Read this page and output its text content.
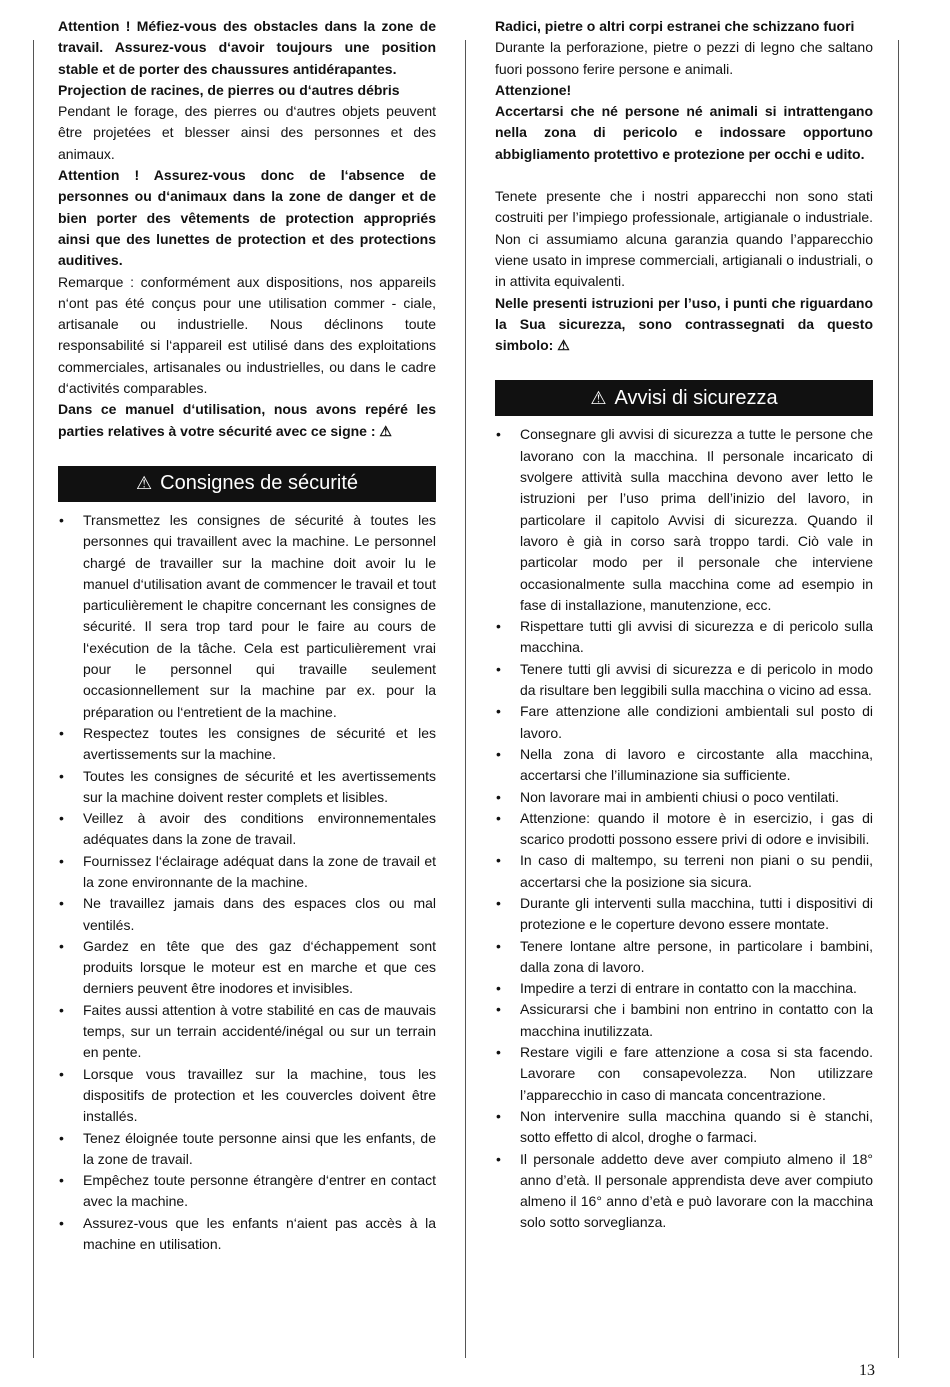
Attention ! Méfiez-vous des obstacles dans la zone de travail. Assurez-vous d‘avoir toujours une position stable et de porter des chaussures antidérapantes.

Projection de racines, de pierres ou d‘autres débris

Pendant le forage, des pierres ou d‘autres objets peuvent être projetées et blesser ainsi des personnes et des animaux.

Attention ! Assurez-vous donc de l‘absence de personnes ou d‘animaux dans la zone de danger et de bien porter des vêtements de protection appropriés ainsi que des lunettes de protection et des protections auditives.

Remarque : conformément aux dispositions, nos appareils n‘ont pas été conçus pour une utilisation commer - ciale, artisanale ou industrielle. Nous déclinons toute responsabilité si l‘appareil est utilisé dans des exploitations commerciales, artisanales ou industrielles, ou dans le cadre d‘activités comparables.

Dans ce manuel d‘utilisation, nous avons repéré les parties relatives à votre sécurité avec ce signe : ⚠

⚠ Consignes de sécurité
• Transmettez les consignes de sécurité à toutes les personnes qui travaillent avec la machine. Le personnel chargé de travailler sur la machine doit avoir lu le manuel d‘utilisation avant de commencer le travail et tout particulièrement le chapitre concernant les consignes de sécurité. Il sera trop tard pour le faire au cours de l‘exécution de la tâche. Cela est particulièrement vrai pour le personnel qui travaille seulement occasionnellement sur la machine par ex. pour la préparation ou l‘entretient de la machine.
• Respectez toutes les consignes de sécurité et les avertissements sur la machine.
• Toutes les consignes de sécurité et les avertissements sur la machine doivent rester complets et lisibles.
• Veillez à avoir des conditions environnementales adéquates dans la zone de travail.
• Fournissez l‘éclairage adéquat dans la zone de travail et la zone environnante de la machine.
• Ne travaillez jamais dans des espaces clos ou mal ventilés.
• Gardez en tête que des gaz d‘échappement sont produits lorsque le moteur est en marche et que ces derniers peuvent être inodores et invisibles.
• Faites aussi attention à votre stabilité en cas de mauvais temps, sur un terrain accidenté/inégal ou sur un terrain en pente.
• Lorsque vous travaillez sur la machine, tous les dispositifs de protection et les couvercles doivent être installés.
• Tenez éloignée toute personne ainsi que les enfants, de la zone de travail.
• Empêchez toute personne étrangère d‘entrer en contact avec la machine.
• Assurez-vous que les enfants n‘aient pas accès à la machine en utilisation.

Radici, pietre o altri corpi estranei che schizzano fuori

Durante la perforazione, pietre o pezzi di legno che saltano fuori possono ferire persone e animali.

Attenzione!

Accertarsi che né persone né animali si intrattengano nella zona di pericolo e indossare opportuno abbigliamento protettivo e protezione per occhi e udito.

Tenete presente che i nostri apparecchi non sono stati costruiti per l’impiego professionale, artigianale o industriale. Non ci assumiamo alcuna garanzia quando l’apparecchio viene usato in imprese commerciali, artigianali o industriali, o in attivita equivalenti.

Nelle presenti istruzioni per l’uso, i punti che riguardano la Sua sicurezza, sono contrassegnati da questo simbolo: ⚠

⚠ Avvisi di sicurezza
• Consegnare gli avvisi di sicurezza a tutte le persone che lavorano con la macchina. Il personale incaricato di svolgere attività sulla macchina devono aver letto le istruzioni per l’uso prima dell’inizio del lavoro, in particolare il capitolo Avvisi di sicurezza. Quando il lavoro è già in corso sarà troppo tardi. Ciò vale in particolar modo per il personale che interviene occasionalmente sulla macchina come ad esempio in fase di installazione, manutenzione, ecc.
• Rispettare tutti gli avvisi di sicurezza e di pericolo sulla macchina.
• Tenere tutti gli avvisi di sicurezza e di pericolo in modo da risultare ben leggibili sulla macchina o vicino ad essa.
• Fare attenzione alle condizioni ambientali sul posto di lavoro.
• Nella zona di lavoro e circostante alla macchina, accertarsi che l’illuminazione sia sufficiente.
• Non lavorare mai in ambienti chiusi o poco ventilati.
• Attenzione: quando il motore è in esercizio, i gas di scarico prodotti possono essere privi di odore e invisibili.
• In caso di maltempo, su terreni non piani o su pendii, accertarsi che la posizione sia sicura.
• Durante gli interventi sulla macchina, tutti i dispositivi di protezione e le coperture devono essere montate.
• Tenere lontane altre persone, in particolare i bambini, dalla zona di lavoro.
• Impedire a terzi di entrare in contatto con la macchina.
• Assicurarsi che i bambini non entrino in contatto con la macchina inutilizzata.
• Restare vigili e fare attenzione a cosa si sta facendo. Lavorare con consapevolezza. Non utilizzare l’apparecchio in caso di mancata concentrazione.
• Non intervenire sulla macchina quando si è stanchi, sotto effetto di alcol, droghe o farmaci.
• Il personale addetto deve aver compiuto almeno il 18° anno d’età. Il personale apprendista deve aver compiuto almeno il 16° anno d’età e può lavorare con la macchina solo sotto sorveglianza.
13
